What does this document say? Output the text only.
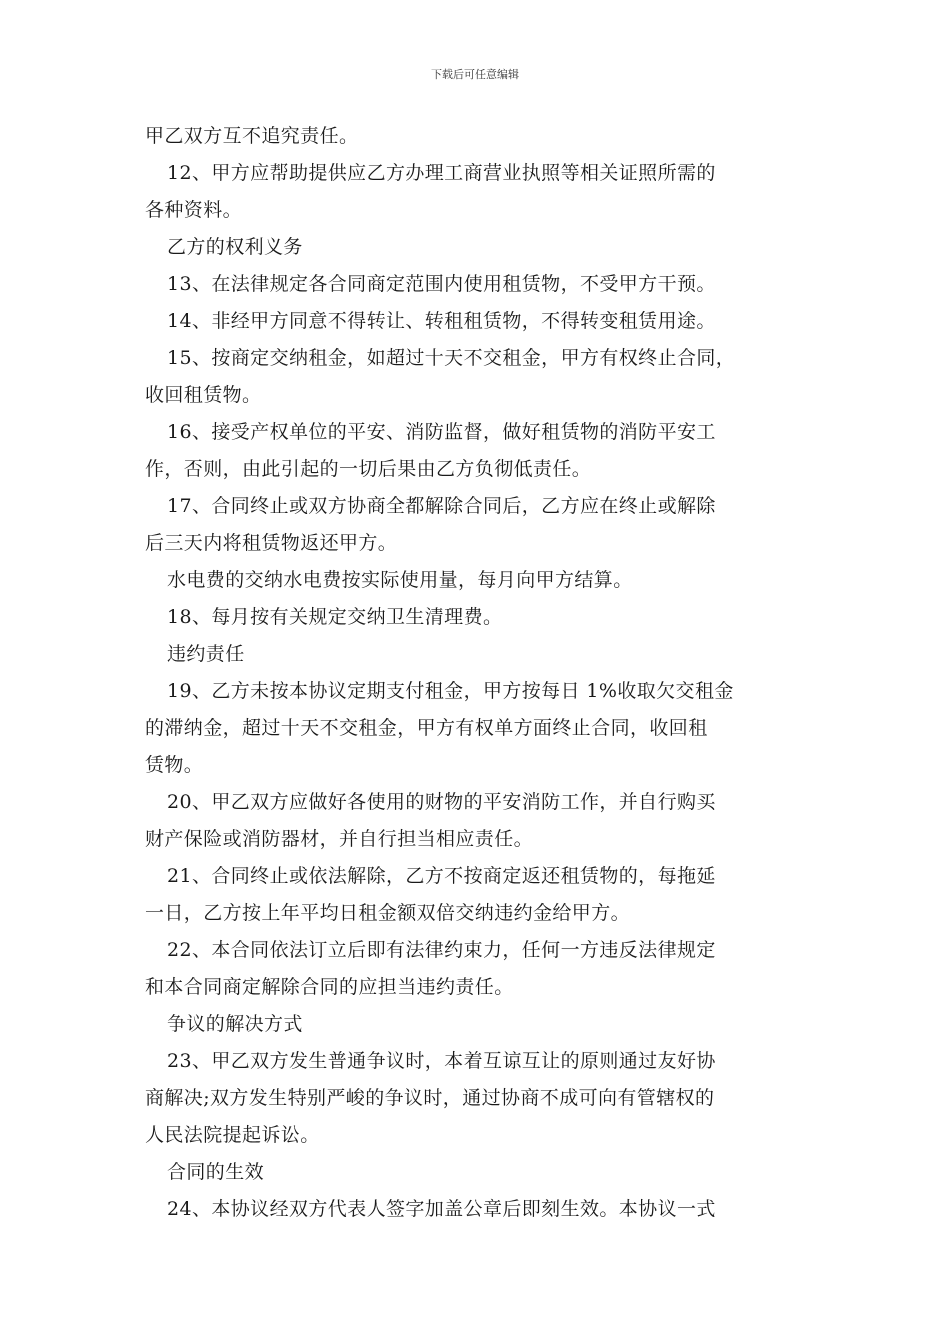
下载后可任意编辑
甲乙双方互不追究责任。
12、甲方应帮助提供应乙方办理工商营业执照等相关证照所需的
各种资料。
乙方的权利义务
13、在法律规定各合同商定范围内使用租赁物，不受甲方干预。
14、非经甲方同意不得转让、转租租赁物，不得转变租赁用途。
15、按商定交纳租金，如超过十天不交租金，甲方有权终止合同，
收回租赁物。
16、接受产权单位的平安、消防监督，做好租赁物的消防平安工
作，否则，由此引起的一切后果由乙方负彻低责任。
17、合同终止或双方协商全都解除合同后，乙方应在终止或解除
后三天内将租赁物返还甲方。
水电费的交纳水电费按实际使用量，每月向甲方结算。
18、每月按有关规定交纳卫生清理费。
违约责任
19、乙方未按本协议定期支付租金，甲方按每日 1%收取欠交租金
的滞纳金，超过十天不交租金，甲方有权单方面终止合同，收回租
赁物。
20、甲乙双方应做好各使用的财物的平安消防工作，并自行购买
财产保险或消防器材，并自行担当相应责任。
21、合同终止或依法解除，乙方不按商定返还租赁物的，每拖延
一日，乙方按上年平均日租金额双倍交纳违约金给甲方。
22、本合同依法订立后即有法律约束力，任何一方违反法律规定
和本合同商定解除合同的应担当违约责任。
争议的解决方式
23、甲乙双方发生普通争议时，本着互谅互让的原则通过友好协
商解决;双方发生特别严峻的争议时，通过协商不成可向有管辖权的
人民法院提起诉讼。
合同的生效
24、本协议经双方代表人签字加盖公章后即刻生效。本协议一式
